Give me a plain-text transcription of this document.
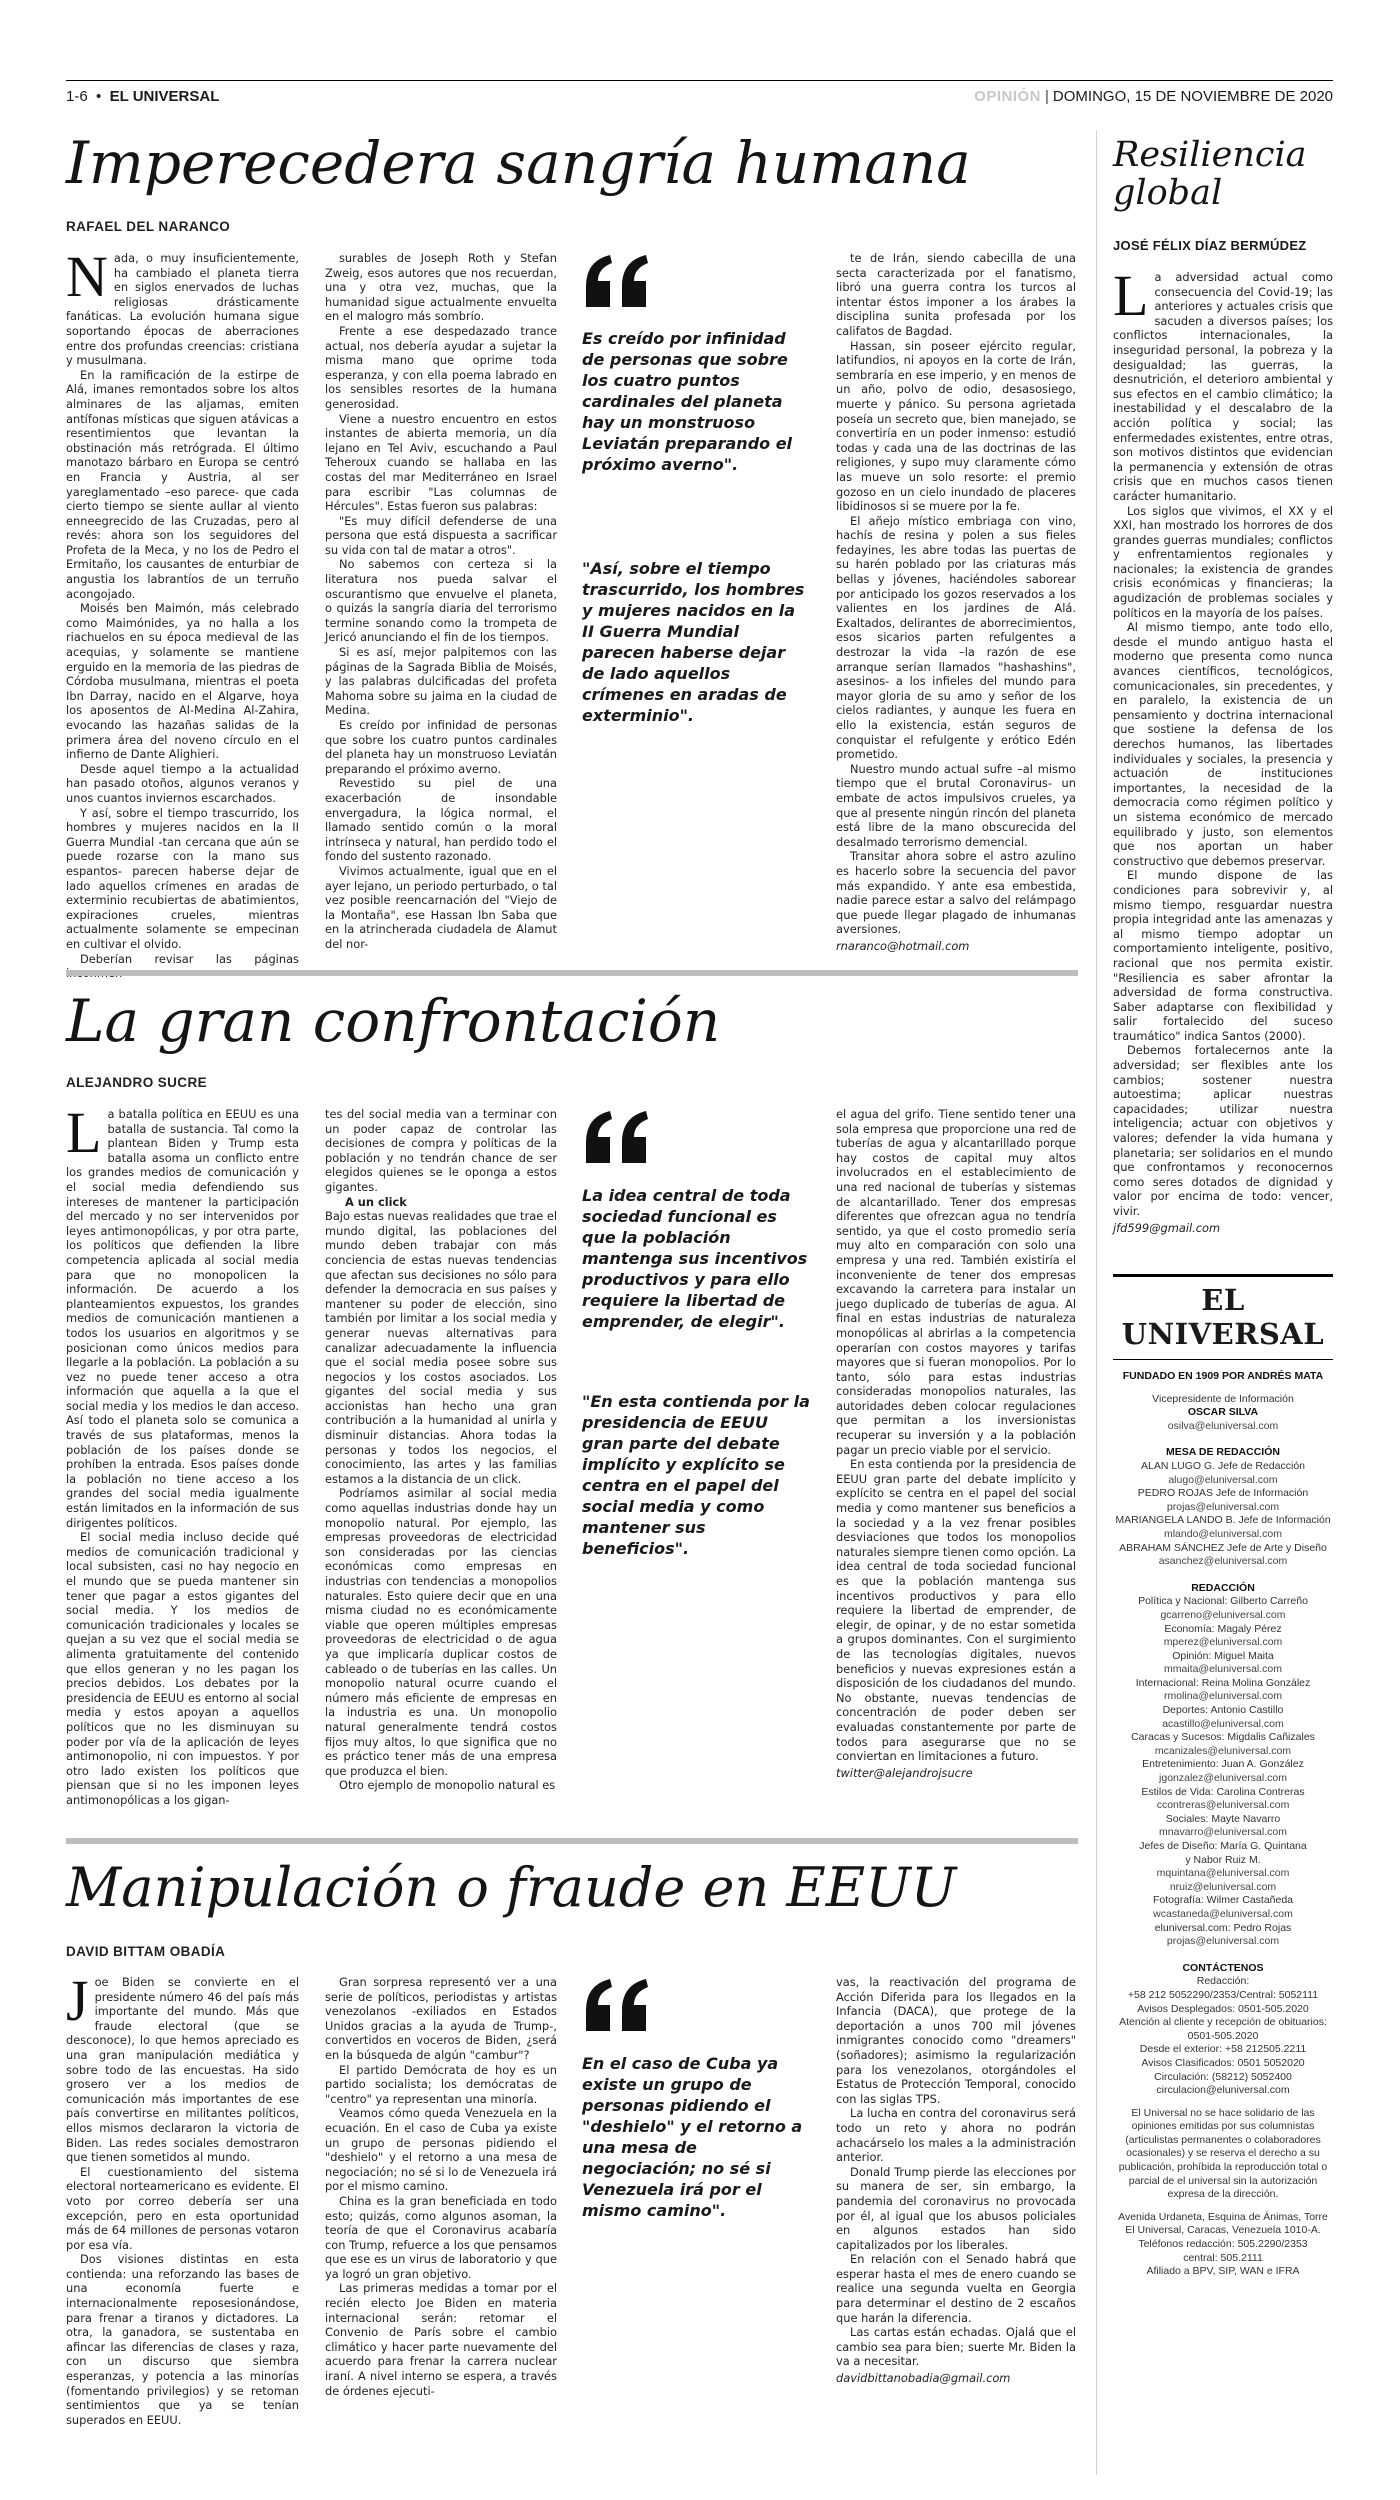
1-6  •  EL UNIVERSAL	OPINIÓN | DOMINGO, 15 DE NOVIEMBRE DE 2020
Imperecedera sangría humana
RAFAEL DEL NARANCO
N ada, o muy insuficientemente, ha cambiado el planeta tierra en siglos enervados de luchas religiosas drásticamente fanáticas. La evolución humana sigue soportando épocas de aberraciones entre dos profundas creencias: cristiana y musulmana.

En la ramificación de la estirpe de Alá, imanes remontados sobre los altos alminares de las aljamas, emiten antífonas místicas que siguen atávicas a resentimientos que levantan la obstinación más retrógrada. El último manotazo bárbaro en Europa se centró en Francia y Austria, al ser yareglamentado –eso parece- que cada cierto tiempo se siente aullar al viento enneegrecido de las Cruzadas, pero al revés: ahora son los seguidores del Profeta de la Meca, y no los de Pedro el Ermitaño, los causantes de enturbiar de angustia los labrantíos de un terruño acongojado.

Moisés ben Maimón, más celebrado como Maimónides, ya no halla a los riachuelos en su época medieval de las acequias, y solamente se mantiene erguido en la memoria de las piedras de Córdoba musulmana, mientras el poeta Ibn Darray, nacido en el Algarve, hoya los aposentos de Al-Medina Al-Zahira, evocando las hazañas salidas de la primera área del noveno círculo en el infierno de Dante Alighieri.

Desde aquel tiempo a la actualidad han pasado otoños, algunos veranos y unos cuantos inviernos escarchados.

Y así, sobre el tiempo trascurrido, los hombres y mujeres nacidos en la II Guerra Mundial -tan cercana que aún se puede rozarse con la mano sus espantos- parecen haberse dejar de lado aquellos crímenes en aradas de exterminio recubiertas de abatimientos, expiraciones crueles, mientras actualmente solamente se empecinan en cultivar el olvido.

Deberían revisar las páginas

surables de Joseph Roth y Stefan Zweig, esos autores que nos recuerdan, una y otra vez, muchas, que la humanidad sigue actualmente envuelta en el malogro más sombrío.

Frente a ese despedazado trance actual, nos debería ayudar a sujetar la misma mano que oprime toda esperanza, y con ella poema labrado en los sensibles resortes de la humana generosidad.

Viene a nuestro encuentro en estos instantes de abierta memoria, un día lejano en Tel Aviv, escuchando a Paul Teheroux cuando se hallaba en las costas del mar Mediterráneo en Israel para escribir "Las columnas de Hércules". Estas fueron sus palabras:

"Es muy difícil defenderse de una persona que está dispuesta a sacrificar su vida con tal de matar a otros".

No sabemos con certeza si la literatura nos pueda salvar el oscurantismo que envuelve el planeta, o quizás la sangría diaria del terrorismo termine sonando como la trompeta de Jericó anunciando el fin de los tiempos.

Si es así, mejor palpitemos con las páginas de la Sagrada Biblia de Moisés, y las palabras dulcificadas del profeta Mahoma sobre su jaima en la ciudad de Medina.

Es creído por infinidad de personas que sobre los cuatro puntos cardinales del planeta hay un monstruoso Leviatán preparando el próximo averno.

Revestido su piel de una exacerbación de insondable envergadura, la lógica normal, el llamado sentido común o la moral intrínseca y natural, han perdido todo el fondo del sustento razonado.

Vivimos actualmente, igual que en el ayer lejano, un periodo perturbado, o tal vez posible reencarnación del "Viejo de la Montaña", ese Hassan Ibn Saba que en la atrincherada ciudadela de Alamut del nor-

Es creído por infinidad de personas que sobre los cuatro puntos cardinales del planeta hay un monstruoso Leviatán preparando el próximo averno".
"Así, sobre el tiempo trascurrido, los hombres y mujeres nacidos en la II Guerra Mundial parecen haberse dejar de lado aquellos crímenes en aradas de exterminio".

te de Irán, siendo cabecilla de una secta caracterizada por el fanatismo, libró una guerra contra los turcos al intentar éstos imponer a los árabes la disciplina sunita profesada por los califatos de Bagdad.

Hassan, sin poseer ejército regular, latifundios, ni apoyos en la corte de Irán, sembraría en ese imperio, y en menos de un año, polvo de odio, desasosiego, muerte y pánico. Su persona agrietada poseía un secreto que, bien manejado, se convertiría en un poder inmenso: estudió todas y cada una de las doctrinas de las religiones, y supo muy claramente cómo las mueve un solo resorte: el premio gozoso en un cielo inundado de placeres libidinosos si se muere por la fe.

El añejo místico embriaga con vino, hachís de resina y polen a sus fieles fedayines, les abre todas las puertas de su harén poblado por las criaturas más bellas y jóvenes, haciéndoles saborear por anticipado los gozos reservados a los valientes en los jardines de Alá. Exaltados, delirantes de aborrecimientos, esos sicarios parten refulgentes a destrozar la vida –la razón de ese arranque serían llamados "hashashins", asesinos- a los infieles del mundo para mayor gloria de su amo y señor de los cielos radiantes, y aunque les fuera en ello la existencia, están seguros de conquistar el refulgente y erótico Edén prometido.

Nuestro mundo actual sufre –al mismo tiempo que el brutal Coronavirus- un embate de actos impulsivos crueles, ya que al presente ningún rincón del planeta está libre de la mano obscurecida del desalmado terrorismo demencial.

Transitar ahora sobre el astro azulino es hacerlo sobre la secuencia del pavor más expandido. Y ante esa embestida, nadie parece estar a salvo del relámpago que puede llegar plagado de inhumanas aversiones.

rnaranco@hotmail.com
La gran confrontación
ALEJANDRO SUCRE
L a batalla política en EEUU es una batalla de sustancia. Tal como la plantean Biden y Trump esta batalla asoma un conflicto entre los grandes medios de comunicación y el social media defendiendo sus intereses de mantener la participación del mercado y no ser intervenidos por leyes antimonopólicas, y por otra parte, los políticos que defienden la libre competencia aplicada al social media para que no monopolicen la información. De acuerdo a los planteamientos expuestos, los grandes medios de comunicación mantienen a todos los usuarios en algoritmos y se posicionan como únicos medios para llegarle a la población. La población a su vez no puede tener acceso a otra información que aquella a la que el social media y los medios le dan acceso. Así todo el planeta solo se comunica a través de sus plataformas, menos la población de los países donde se prohíben la entrada. Esos países donde la población no tiene acceso a los grandes del social media igualmente están limitados en la información de sus dirigentes políticos.

El social media incluso decide qué medios de comunicación tradicional y local subsisten, casi no hay negocio en el mundo que se pueda mantener sin tener que pagar a estos gigantes del social media. Y los medios de comunicación tradicionales y locales se quejan a su vez que el social media se alimenta gratuitamente del contenido que ellos generan y no les pagan los precios debidos. Los debates por la presidencia de EEUU es entorno al social media y estos apoyan a aquellos políticos que no les disminuyan su poder por vía de la aplicación de leyes antimonopolio, ni con impuestos. Y por otro lado existen los políticos que piensan que si no les imponen leyes antimonopólicas a los gigan-

tes del social media van a terminar con un poder capaz de controlar las decisiones de compra y políticas de la población y no tendrán chance de ser elegidos quienes se le oponga a estos gigantes.

A un click

Bajo estas nuevas realidades que trae el mundo digital, las poblaciones del mundo deben trabajar con más conciencia de estas nuevas tendencias que afectan sus decisiones no sólo para defender la democracia en sus países y mantener su poder de elección, sino también por limitar a los social media y generar nuevas alternativas para canalizar adecuadamente la influencia que el social media posee sobre sus negocios y los costos asociados. Los gigantes del social media y sus accionistas han hecho una gran contribución a la humanidad al unirla y disminuir distancias. Ahora todas la personas y todos los negocios, el conocimiento, las artes y las familias estamos a la distancia de un click.

Podríamos asimilar al social media como aquellas industrias donde hay un monopolio natural. Por ejemplo, las empresas proveedoras de electricidad son consideradas por las ciencias económicas como empresas en industrias con tendencias a monopolios naturales. Esto quiere decir que en una misma ciudad no es económicamente viable que operen múltiples empresas proveedoras de electricidad o de agua ya que implicaría duplicar costos de cableado o de tuberías en las calles. Un monopolio natural ocurre cuando el número más eficiente de empresas en la industria es una. Un monopolio natural generalmente tendrá costos fijos muy altos, lo que significa que no es práctico tener más de una empresa que produzca el bien.

Otro ejemplo de monopolio natural es

La idea central de toda sociedad funcional es que la población mantenga sus incentivos productivos y para ello requiere la libertad de emprender, de elegir".
"En esta contienda por la presidencia de EEUU gran parte del debate implícito y explícito se centra en el papel del social media y como mantener sus beneficios".

el agua del grifo. Tiene sentido tener una sola empresa que proporcione una red de tuberías de agua y alcantarillado porque hay costos de capital muy altos involucrados en el establecimiento de una red nacional de tuberías y sistemas de alcantarillado. Tener dos empresas diferentes que ofrezcan agua no tendría sentido, ya que el costo promedio sería muy alto en comparación con solo una empresa y una red. También existiría el inconveniente de tener dos empresas excavando la carretera para instalar un juego duplicado de tuberías de agua. Al final en estas industrias de naturaleza monopólicas al abrirlas a la competencia operarían con costos mayores y tarifas mayores que si fueran monopolios. Por lo tanto, sólo para estas industrias consideradas monopolios naturales, las autoridades deben colocar regulaciones que permitan a los inversionistas recuperar su inversión y a la población pagar un precio viable por el servicio.

En esta contienda por la presidencia de EEUU gran parte del debate implícito y explícito se centra en el papel del social media y como mantener sus beneficios a la sociedad y a la vez frenar posibles desviaciones que todos los monopolios naturales siempre tienen como opción. La idea central de toda sociedad funcional es que la población mantenga sus incentivos productivos y para ello requiere la libertad de emprender, de elegir, de opinar, y de no estar sometida a grupos dominantes. Con el surgimiento de las tecnologías digitales, nuevos beneficios y nuevas expresiones están a disposición de los ciudadanos del mundo. No obstante, nuevas tendencias de concentración de poder deben ser evaluadas constantemente por parte de todos para asegurarse que no se conviertan en limitaciones a futuro.

twitter@alejandrojsucre
Manipulación o fraude en EEUU
DAVID BITTAM OBADÍA
J oe Biden se convierte en el presidente número 46 del país más importante del mundo. Más que fraude electoral (que se desconoce), lo que hemos apreciado es una gran manipulación mediática y sobre todo de las encuestas. Ha sido grosero ver a los medios de comunicación más importantes de ese país convertirse en militantes políticos, ellos mismos declararon la victoria de Biden. Las redes sociales demostraron que tienen sometidos al mundo.

El cuestionamiento del sistema electoral norteamericano es evidente. El voto por correo debería ser una excepción, pero en esta oportunidad más de 64 millones de personas votaron por esa vía.

Dos visiones distintas en esta contienda: una reforzando las bases de una economía fuerte e internacionalmente reposesionándose, para frenar a tiranos y dictadores. La otra, la ganadora, se sustentaba en afincar las diferencias de clases y raza, con un discurso que siembra esperanzas, y potencia a las minorías (fomentando privilegios) y se retoman sentimientos que ya se tenían superados en EEUU.

Gran sorpresa representó ver a una serie de políticos, periodistas y artistas venezolanos -exiliados en Estados Unidos gracias a la ayuda de Trump-, convertidos en voceros de Biden, ¿será en la búsqueda de algún "cambur"?

El partido Demócrata de hoy es un partido socialista; los demócratas de "centro" ya representan una minoría.

Veamos cómo queda Venezuela en la ecuación. En el caso de Cuba ya existe un grupo de personas pidiendo el "deshielo" y el retorno a una mesa de negociación; no sé si lo de Venezuela irá por el mismo camino.

China es la gran beneficiada en todo esto; quizás, como algunos asoman, la teoría de que el Coronavirus acabaría con Trump, refuerce a los que pensamos que ese es un virus de laboratorio y que ya logró un gran objetivo.

Las primeras medidas a tomar por el recién electo Joe Biden en materia internacional serán: retomar el Convenio de París sobre el cambio climático y hacer parte nuevamente del acuerdo para frenar la carrera nuclear iraní. A nivel interno se espera, a través de órdenes ejecuti-

En el caso de Cuba ya existe un grupo de personas pidiendo el "deshielo" y el retorno a una mesa de negociación; no sé si Venezuela irá por el mismo camino".

vas, la reactivación del programa de Acción Diferida para los llegados en la Infancia (DACA), que protege de la deportación a unos 700 mil jóvenes inmigrantes conocido como "dreamers" (soñadores); asimismo la regularización para los venezolanos, otorgándoles el Estatus de Protección Temporal, conocido con las siglas TPS.

La lucha en contra del coronavirus será todo un reto y ahora no podrán achacárselo los males a la administración anterior.

Donald Trump pierde las elecciones por su manera de ser, sin embargo, la pandemia del coronavirus no provocada por él, al igual que los abusos policiales en algunos estados han sido capitalizados por los liberales.

En relación con el Senado habrá que esperar hasta el mes de enero cuando se realice una segunda vuelta en Georgia para determinar el destino de 2 escaños que harán la diferencia.

Las cartas están echadas. Ojalá que el cambio sea para bien; suerte Mr. Biden la va a necesitar.

davidbittanobadia@gmail.com
Resiliencia
global
JOSÉ FÉLIX DÍAZ BERMÚDEZ
L a adversidad actual como consecuencia del Covid-19; las anteriores y actuales crisis que sacuden a diversos países; los conflictos internacionales, la inseguridad personal, la pobreza y la desigualdad; las guerras, la desnutrición, el deterioro ambiental y sus efectos en el cambio climático; la inestabilidad y el descalabro de la acción política y social; las enfermedades existentes, entre otras, son motivos distintos que evidencian la permanencia y extensión de otras crisis que en muchos casos tienen carácter humanitario.

Los siglos que vivimos, el XX y el XXI, han mostrado los horrores de dos grandes guerras mundiales; conflictos y enfrentamientos regionales y nacionales; la existencia de grandes crisis económicas y financieras; la agudización de problemas sociales y políticos en la mayoría de los países.

Al mismo tiempo, ante todo ello, desde el mundo antiguo hasta el moderno que presenta como nunca avances científicos, tecnológicos, comunicacionales, sin precedentes, y en paralelo, la existencia de un pensamiento y doctrina internacional que sostiene la defensa de los derechos humanos, las libertades individuales y sociales, la presencia y actuación de instituciones importantes, la necesidad de la democracia como régimen político y un sistema económico de mercado equilibrado y justo, son elementos que nos aportan un haber constructivo que debemos preservar.

El mundo dispone de las condiciones para sobrevivir y, al mismo tiempo, resguardar nuestra propia integridad ante las amenazas y al mismo tiempo adoptar un comportamiento inteligente, positivo, racional que nos permita existir. "Resiliencia es saber afrontar la adversidad de forma constructiva. Saber adaptarse con flexibilidad y salir fortalecido del suceso traumático" indica Santos (2000).

Debemos fortalecernos ante la adversidad; ser flexibles ante los cambios; sostener nuestra autoestima; aplicar nuestras capacidades; utilizar nuestra inteligencia; actuar con objetivos y valores; defender la vida humana y planetaria; ser solidarios en el mundo que confrontamos y reconocernos como seres dotados de dignidad y valor por encima de todo: vencer, vivir.

jfd599@gmail.com
EL UNIVERSAL
FUNDADO EN 1909 POR ANDRÉS MATA
Vicepresidente de Información
OSCAR SILVA
osilva@eluniversal.com
MESA DE REDACCIÓN
ALAN LUGO G. Jefe de Redacción
alugo@eluniversal.com
PEDRO ROJAS Jefe de Información
projas@eluniversal.com
MARIANGELA LANDO B. Jefe de Información
mlando@eluniversal.com
ABRAHAM SÁNCHEZ Jefe de Arte y Diseño
asanchez@eluniversal.com
REDACCIÓN
Política y Nacional: Gilberto Carreño
gcarreno@eluniversal.com
Economía: Magaly Pérez
mperez@eluniversal.com
Opinión: Miguel Maita
mmaita@eluniversal.com
Internacional: Reina Molina González
rmolina@eluniversal.com
Deportes: Antonio Castillo
acastillo@eluniversal.com
Caracas y Sucesos: Migdalis Cañizales
mcanizales@eluniversal.com
Entretenimiento: Juan A. González
jgonzalez@eluniversal.com
Estilos de Vida: Carolina Contreras
ccontreras@eluniversal.com
Sociales: Mayte Navarro
mnavarro@eluniversal.com
Jefes de Diseño: María G. Quintana
y Nabor Ruiz M.
mquintana@eluniversal.com
nruiz@eluniversal.com
Fotografía: Wilmer Castañeda
wcastaneda@eluniversal.com
eluniversal.com: Pedro Rojas
projas@eluniversal.com
CONTÁCTENOS
Redacción:
+58 212 5052290/2353/Central: 5052111
Avisos Desplegados: 0501-505.2020
Atención al cliente y recepción de obituarios:
0501-505.2020
Desde el exterior: +58 212505.2211
Avisos Clasificados: 0501 5052020
Circulación: (58212) 5052400
circulacion@eluniversal.com
El Universal no se hace solidario de las opiniones emitidas por sus columnistas (articulistas permanentes o colaboradores ocasionales) y se reserva el derecho a su publicación, prohíbida la reproducción total o parcial de el universal sin la autorización expresa de la dirección.
Avenida Urdaneta, Esquina de Ánimas, Torre
El Universal, Caracas, Venezuela 1010-A.
Teléfonos redacción: 505.2290/2353
central: 505.2111
Afiliado a BPV, SIP, WAN e IFRA
